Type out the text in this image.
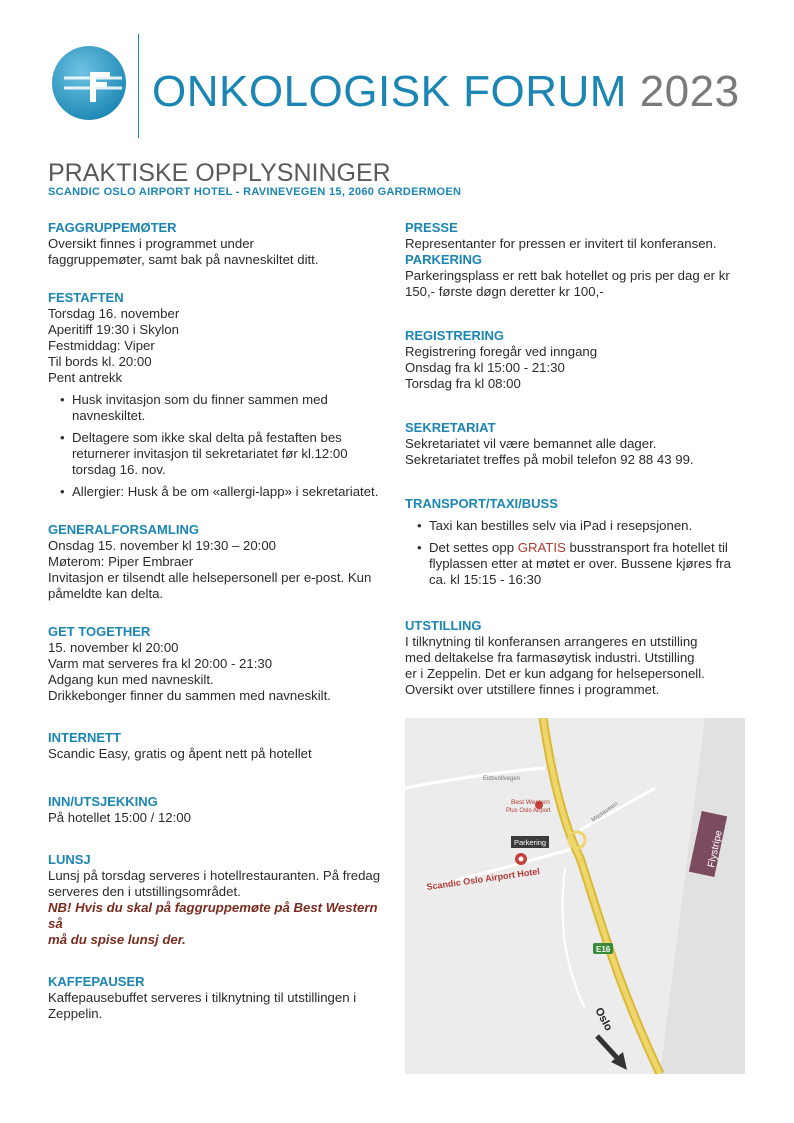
ONKOLOGISK FORUM 2023
PRAKTISKE OPPLYSNINGER
SCANDIC OSLO AIRPORT HOTEL - RAVINEVEGEN 15, 2060 GARDERMOEN
FAGGRUPPEMØTER
Oversikt finnes i programmet under
faggruppemøter, samt bak på navneskiltet ditt.
FESTAFTEN
Torsdag 16. november
Aperitiff 19:30 i Skylon
Festmiddag: Viper
Til bords kl. 20:00
Pent antrekk
• Husk invitasjon som du finner sammen med navneskiltet.
• Deltagere som ikke skal delta på festaften bes returnerer invitasjon til sekretariatet før kl.12:00 torsdag 16. nov.
• Allergier: Husk å be om «allergi-lapp» i sekretariatet.
GENERALFORSAMLING
Onsdag 15. november kl 19:30 – 20:00
Møterom: Piper Embraer
Invitasjon er tilsendt alle helsepersonell per e-post. Kun påmeldte kan delta.
GET TOGETHER
15. november kl 20:00
Varm mat serveres fra kl 20:00 - 21:30
Adgang kun med navneskilt.
Drikkebonger finner du sammen med navneskilt.
INTERNETT
Scandic Easy, gratis og åpent nett på hotellet
INN/UTSJEKKING
På hotellet 15:00 / 12:00
LUNSJ
Lunsj på torsdag serveres i hotellrestauranten. På fredag serveres den i utstillingsområdet.
NB! Hvis du skal på faggruppemøte på Best Western så
må du spise lunsj der.
KAFFEPAUSER
Kaffepausebuffet serveres i tilknytning til utstillingen i Zeppelin.
PRESSE
Representanter for pressen er invitert til konferansen.
PARKERING
Parkeringsplass er rett bak hotellet og pris per dag er kr 150,- første døgn deretter kr 100,-
REGISTRERING
Registrering foregår ved inngang
Onsdag fra kl 15:00 - 21:30
Torsdag fra kl 08:00
SEKRETARIAT
Sekretariatet vil være bemannet alle dager.
Sekretariatet treffes på mobil telefon 92 88 43 99.
TRANSPORT/TAXI/BUSS
• Taxi kan bestilles selv via iPad i resepsjonen.
• Det settes opp GRATIS busstransport fra hotellet til flyplassen etter at møtet er over. Bussene kjøres fra ca. kl 15:15 - 16:30
UTSTILLING
I tilknytning til konferansen arrangeres en utstilling
med deltakelse fra farmasøytisk industri. Utstilling
er i Zeppelin. Det er kun adgang for helsepersonell.
Oversikt over utstillere finnes i programmet.
Flystripe
Eidsvollvegen
Mastaveien
E16
Best Western
Plus Oslo Airport
Parkering
Scandic Oslo Airport Hotel
Oslo
